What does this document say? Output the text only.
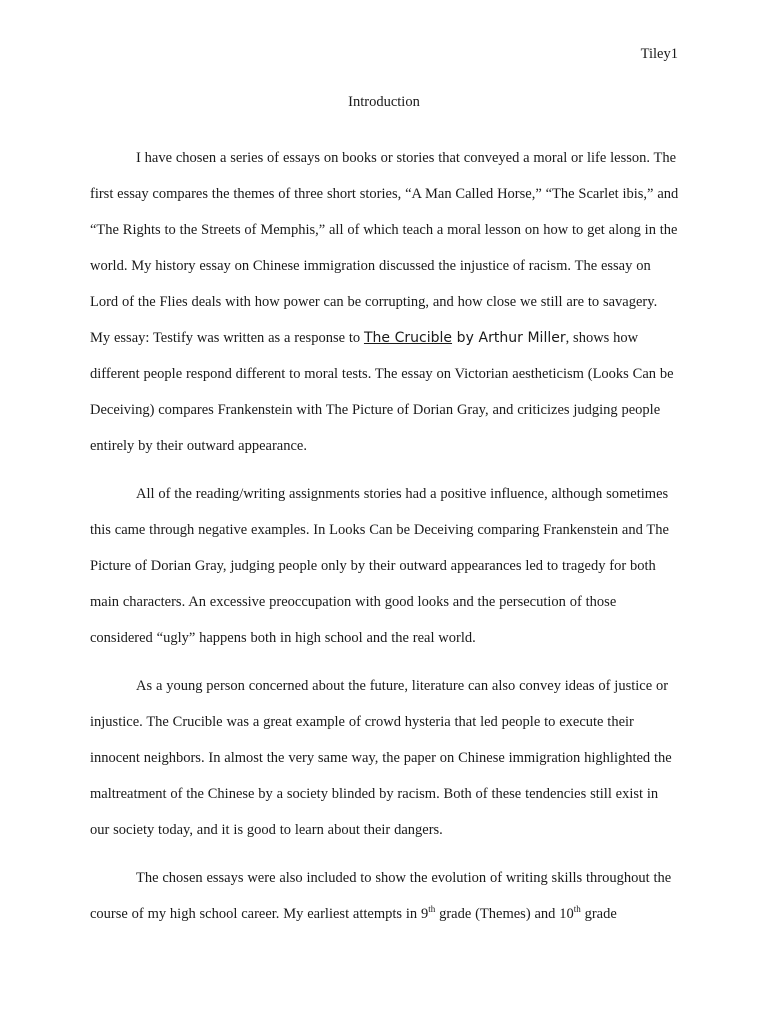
Tiley1
Introduction

I have chosen a series of essays on books or stories that conveyed a moral or life lesson. The first essay compares the themes of three short stories, “A Man Called Horse,” “The Scarlet ibis,” and “The Rights to the Streets of Memphis,” all of which teach a moral lesson on how to get along in the world. My history essay on Chinese immigration discussed the injustice of racism. The essay on Lord of the Flies deals with how power can be corrupting, and how close we still are to savagery. My essay: Testify was written as a response to The Crucible by Arthur Miller, shows how different people respond different to moral tests. The essay on Victorian aestheticism (Looks Can be Deceiving) compares Frankenstein with The Picture of Dorian Gray, and criticizes judging people entirely by their outward appearance.

All of the reading/writing assignments stories had a positive influence, although sometimes this came through negative examples. In Looks Can be Deceiving comparing Frankenstein and The Picture of Dorian Gray, judging people only by their outward appearances led to tragedy for both main characters. An excessive preoccupation with good looks and the persecution of those considered “ugly” happens both in high school and the real world.

As a young person concerned about the future, literature can also convey ideas of justice or injustice. The Crucible was a great example of crowd hysteria that led people to execute their innocent neighbors. In almost the very same way, the paper on Chinese immigration highlighted the maltreatment of the Chinese by a society blinded by racism. Both of these tendencies still exist in our society today, and it is good to learn about their dangers.

The chosen essays were also included to show the evolution of writing skills throughout the course of my high school career. My earliest attempts in 9th grade (Themes) and 10th grade
